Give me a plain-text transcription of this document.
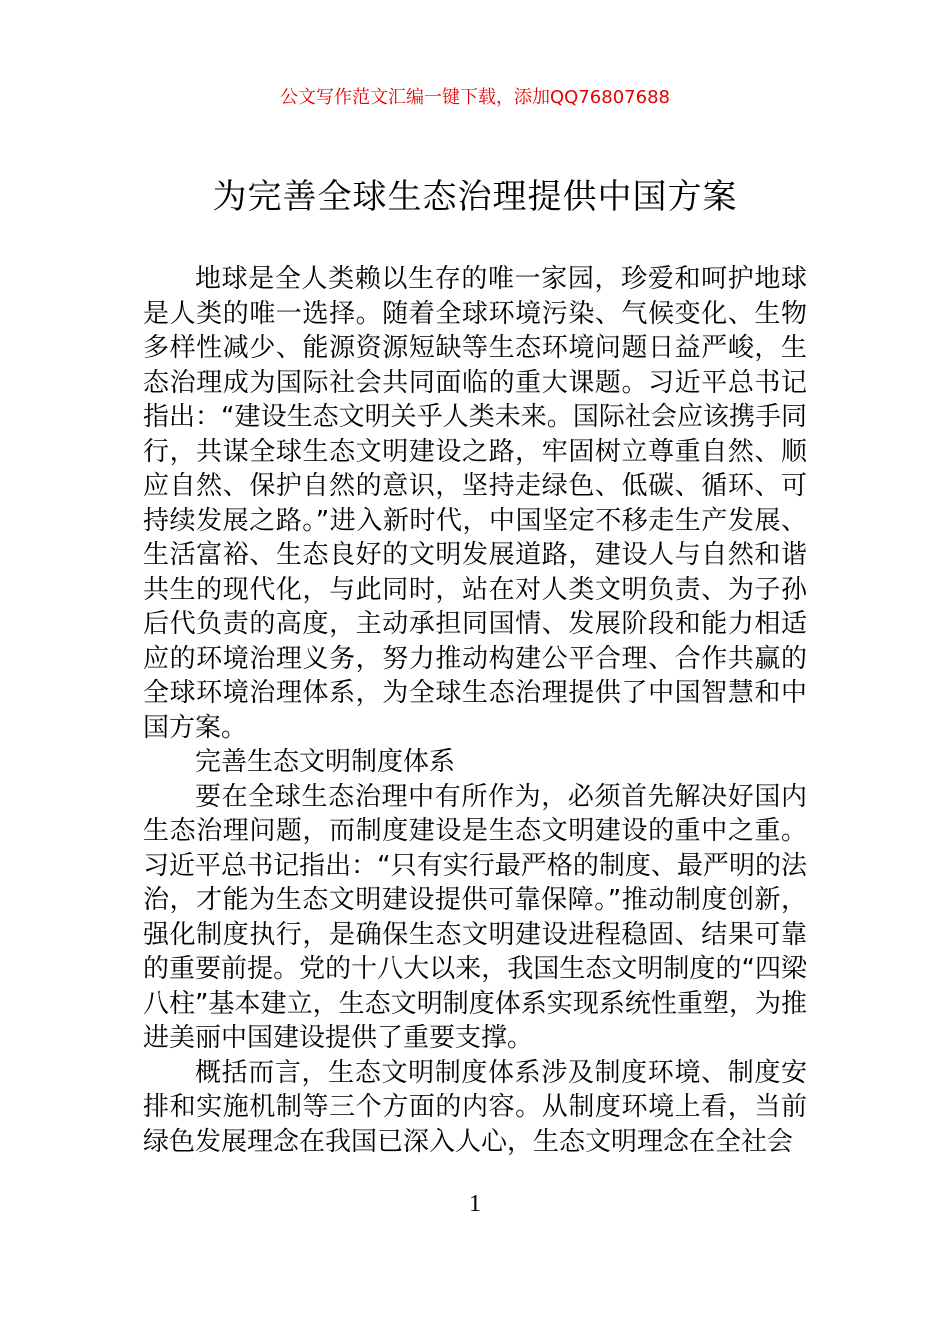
公文写作范文汇编一键下载，添加QQ76807688
为完善全球生态治理提供中国方案

地球是全人类赖以生存的唯一家园，珍爱和呵护地球是人类的唯一选择。随着全球环境污染、气候变化、生物多样性减少、能源资源短缺等生态环境问题日益严峻，生态治理成为国际社会共同面临的重大课题。习近平总书记指出：“建设生态文明关乎人类未来。国际社会应该携手同行，共谋全球生态文明建设之路，牢固树立尊重自然、顺应自然、保护自然的意识，坚持走绿色、低碳、循环、可持续发展之路。”进入新时代，中国坚定不移走生产发展、生活富裕、生态良好的文明发展道路，建设人与自然和谐共生的现代化，与此同时，站在对人类文明负责、为子孙后代负责的高度，主动承担同国情、发展阶段和能力相适应的环境治理义务，努力推动构建公平合理、合作共赢的全球环境治理体系，为全球生态治理提供了中国智慧和中国方案。

完善生态文明制度体系

要在全球生态治理中有所作为，必须首先解决好国内生态治理问题，而制度建设是生态文明建设的重中之重。习近平总书记指出：“只有实行最严格的制度、最严明的法治，才能为生态文明建设提供可靠保障。”推动制度创新，强化制度执行，是确保生态文明建设进程稳固、结果可靠的重要前提。党的十八大以来，我国生态文明制度的“四梁八柱”基本建立，生态文明制度体系实现系统性重塑，为推进美丽中国建设提供了重要支撑。

概括而言，生态文明制度体系涉及制度环境、制度安排和实施机制等三个方面的内容。从制度环境上看，当前绿色发展理念在我国已深入人心，生态文明理念在全社会

1
